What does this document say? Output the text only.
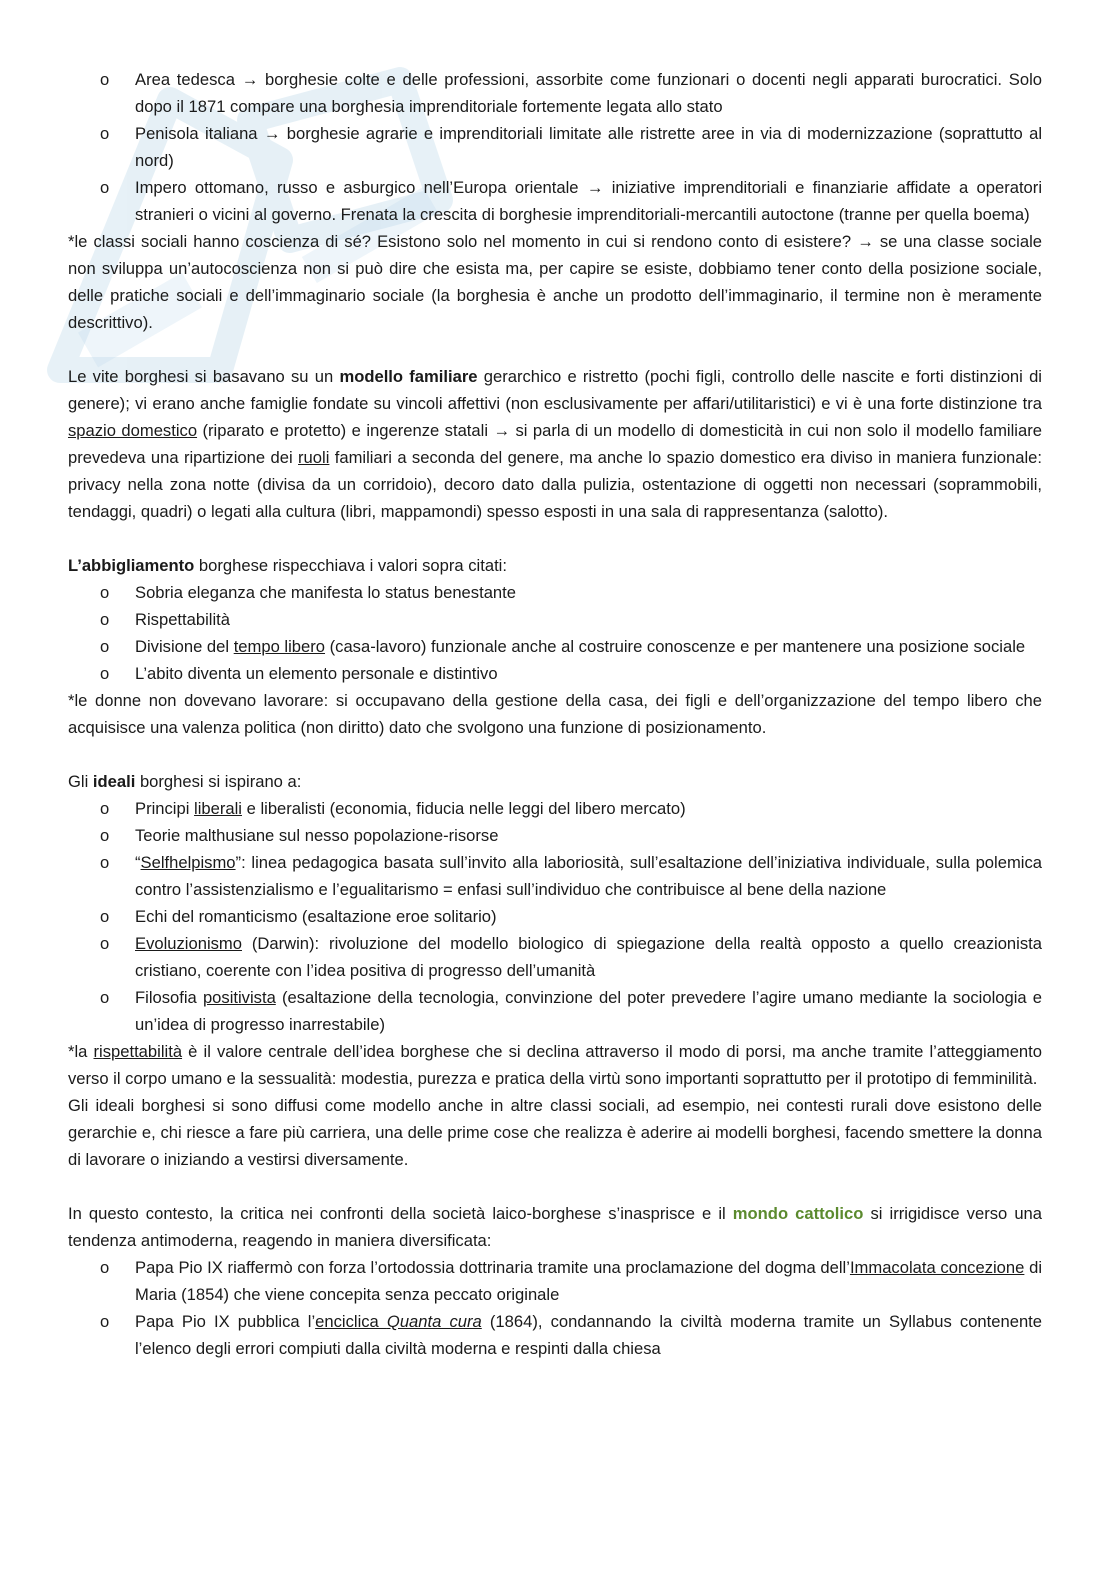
o Area tedesca → borghesie colte e delle professioni, assorbite come funzionari o docenti negli apparati burocratici. Solo dopo il 1871 compare una borghesia imprenditoriale fortemente legata allo stato
o Penisola italiana → borghesie agrarie e imprenditoriali limitate alle ristrette aree in via di modernizzazione (soprattutto al nord)
o Impero ottomano, russo e asburgico nell’Europa orientale → iniziative imprenditoriali e finanziarie affidate a operatori stranieri o vicini al governo. Frenata la crescita di borghesie imprenditoriali-mercantili autoctone (tranne per quella boema)

*le classi sociali hanno coscienza di sé? Esistono solo nel momento in cui si rendono conto di esistere? → se una classe sociale non sviluppa un’autocoscienza non si può dire che esista ma, per capire se esiste, dobbiamo tener conto della posizione sociale, delle pratiche sociali e dell’immaginario sociale (la borghesia è anche un prodotto dell’immaginario, il termine non è meramente descrittivo).

Le vite borghesi si basavano su un modello familiare gerarchico e ristretto (pochi figli, controllo delle nascite e forti distinzioni di genere); vi erano anche famiglie fondate su vincoli affettivi (non esclusivamente per affari/utilitaristici) e vi è una forte distinzione tra spazio domestico (riparato e protetto) e ingerenze statali → si parla di un modello di domesticità in cui non solo il modello familiare prevedeva una ripartizione dei ruoli familiari a seconda del genere, ma anche lo spazio domestico era diviso in maniera funzionale: privacy nella zona notte (divisa da un corridoio), decoro dato dalla pulizia, ostentazione di oggetti non necessari (soprammobili, tendaggi, quadri) o legati alla cultura (libri, mappamondi) spesso esposti in una sala di rappresentanza (salotto).

L’abbigliamento borghese rispecchiava i valori sopra citati:

o Sobria eleganza che manifesta lo status benestante
o Rispettabilità
o Divisione del tempo libero (casa-lavoro) funzionale anche al costruire conoscenze e per mantenere una posizione sociale
o L’abito diventa un elemento personale e distintivo

*le donne non dovevano lavorare: si occupavano della gestione della casa, dei figli e dell’organizzazione del tempo libero che acquisisce una valenza politica (non diritto) dato che svolgono una funzione di posizionamento.

Gli ideali borghesi si ispirano a:

o Principi liberali e liberalisti (economia, fiducia nelle leggi del libero mercato)
o Teorie malthusiane sul nesso popolazione-risorse
o “Selfhelpismo”: linea pedagogica basata sull’invito alla laboriosità, sull’esaltazione dell’iniziativa individuale, sulla polemica contro l’assistenzialismo e l’egualitarismo = enfasi sull’individuo che contribuisce al bene della nazione
o Echi del romanticismo (esaltazione eroe solitario)
o Evoluzionismo (Darwin): rivoluzione del modello biologico di spiegazione della realtà opposto a quello creazionista cristiano, coerente con l’idea positiva di progresso dell’umanità
o Filosofia positivista (esaltazione della tecnologia, convinzione del poter prevedere l’agire umano mediante la sociologia e un’idea di progresso inarrestabile)

*la rispettabilità è il valore centrale dell’idea borghese che si declina attraverso il modo di porsi, ma anche tramite l’atteggiamento verso il corpo umano e la sessualità: modestia, purezza e pratica della virtù sono importanti soprattutto per il prototipo di femminilità.

Gli ideali borghesi si sono diffusi come modello anche in altre classi sociali, ad esempio, nei contesti rurali dove esistono delle gerarchie e, chi riesce a fare più carriera, una delle prime cose che realizza è aderire ai modelli borghesi, facendo smettere la donna di lavorare o iniziando a vestirsi diversamente.

In questo contesto, la critica nei confronti della società laico-borghese s’inasprisce e il mondo cattolico si irrigidisce verso una tendenza antimoderna, reagendo in maniera diversificata:

o Papa Pio IX riaffermò con forza l’ortodossia dottrinaria tramite una proclamazione del dogma dell’Immacolata concezione di Maria (1854) che viene concepita senza peccato originale
o Papa Pio IX pubblica l’enciclica Quanta cura (1864), condannando la civiltà moderna tramite un Syllabus contenente l’elenco degli errori compiuti dalla civiltà moderna e respinti dalla chiesa
